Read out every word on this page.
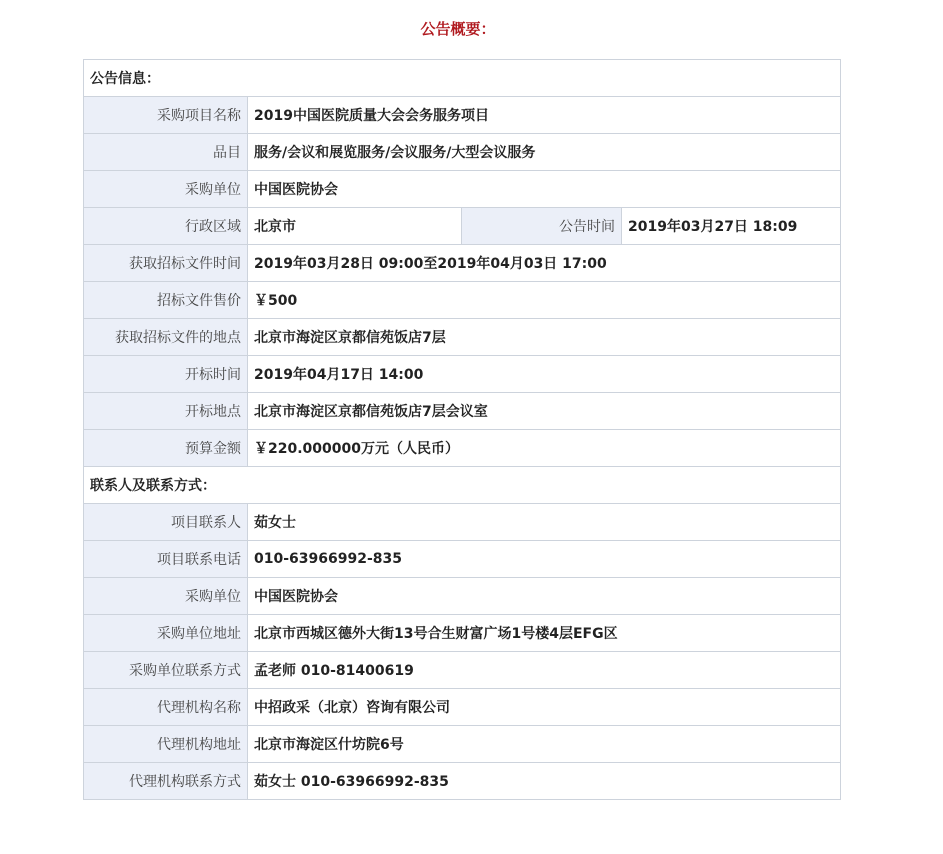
公告概要：
公告信息：			
采购项目名称	2019中国医院质量大会会务服务项目		
品目	服务/会议和展览服务/会议服务/大型会议服务		
采购单位	中国医院协会		
行政区域	北京市	公告时间	2019年03月27日 18:09
获取招标文件时间	2019年03月28日 09:00至2019年04月03日 17:00		
招标文件售价	￥500		
获取招标文件的地点	北京市海淀区京都信苑饭店7层		
开标时间	2019年04月17日 14:00		
开标地点	北京市海淀区京都信苑饭店7层会议室		
预算金额	￥220.000000万元（人民币）		
联系人及联系方式：			
项目联系人	茹女士		
项目联系电话	010-63966992-835		
采购单位	中国医院协会		
采购单位地址	北京市西城区德外大街13号合生财富广场1号楼4层EFG区		
采购单位联系方式	孟老师 010-81400619		
代理机构名称	中招政采（北京）咨询有限公司		
代理机构地址	北京市海淀区什坊院6号		
代理机构联系方式	茹女士 010-63966992-835		
